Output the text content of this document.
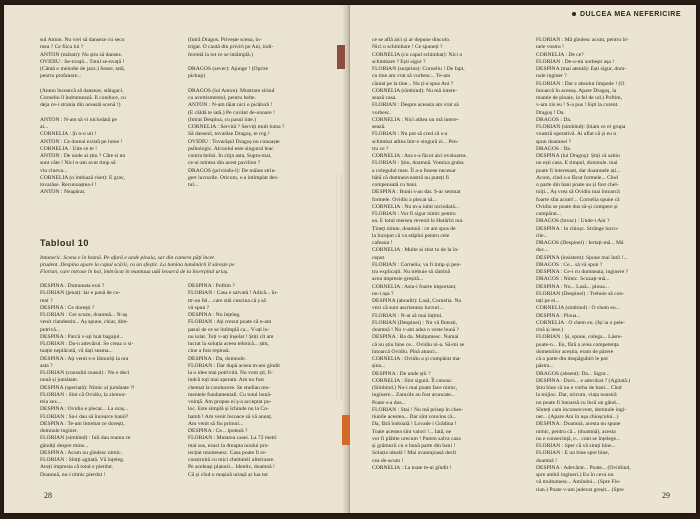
sul Anton. Nu vrei să danseze cu secu

mea ? Ce fiica lui ?

ANTON (mârait): Nu știu să dansez.

OVIDIU : Se-nvață... Totul se-nvață !

(Cântă o melodie de jazz.) Sesse, tată,

pentru profanare...

(Anton încearcă să danseze, stângaci.

Corneliu îl îndrumează. Il conduce, cu

deja ce-i strania din această scenă !)

ANTON : N-am să vi niciodată pe

ai...

CORNELIA : Și n-o uit !

ANTON : Ce doreai există pe lume !

CORNELIA : Uite ce te !

ANTON : De unde ai știu ? Câte si nu

sunt câte ! Nici n-am avut timp să

viu cineva...

CORNELIA (o imbiază riset): E grav,

tovarăse. Recunoaștea-l !

ANTON : Neapărat.

(Intră Dragos. Privește scena, in-

trigat. O caută din priviri pe Ani, indi-

ferentă la tot ce se intâmplă.)

DRAGOS (sever): Ajunge ! (Oprire

pickup)

DRAGOS (lui Anton): Mustrare sirind

cu avertismentul, pentru belte.

ANTON : N-am tăiat nici o picătură !

(E căldă te iată.) Pe cuvânt de-onoare !

(Intrat Despina, cu pasul iute.)

CORNELIA : Servită ? Serviți mult luma ?

Să dansezi, tovarăse Dragoș, te rog !

OVIDIU : Tovarășul Dragoș nu cunoaște

psihologic. Alcoolul este singurul leac

contra belisi. In citja asta, Supra-mai,

ce-ai mintea din acest pavilion ?

DRAGOS (privindu-l): De mâine striu-

gert lucrurile. Oricum, s-a intîmplat des-

tul...

Tabloul 10

Intuneric. Scena e în beznă. Pe afară e unde ploaia, sar din camera păți încet.

prudent. Despina apare la capul scării, cu un sfeștic. La lumina lumânării îl sărește pe

Florian, care intrase în hol, îmbrăcat în mantaua udă leoarcă de la încerpitul uriaș.

DESPINA : Dumneata erai ?

FLORIAN (jenat): Iar e pană de cu-

rent ?

DESPINA : Ce dorești ?

FLORIAN : Cer scuze, doamnă... N-aș

venit clandestin... Aș spune, chiar, dim-

potrivă...

DESPINA : Parcă v-ați luat bagajul...

FLORIAN : Da-n adevărul. Se creaz o si-

tuație neplăcută, vă dați seama...

DESPINA : Ați venit s-o lămuriți la ora

asta ?

FLORIAN (consultă ceasul) : Nu e deci

nouă și jumătate.

DESPINA (speriată): Nimic al jumătate ?!

FLORIAN : Sint că Ovidiu, la ziemor-

teia sex...

DESPINA : Ovidiu e plecat... La oraș...

FLORIAN : Sa-i dau să încearce banii?

DESPINA : Te-am întrebat ce dorești,

domnule inginer.

FLORIAN (simbind) : Iuli dau reama ce

gândiți despre mine...

DESPINA : Acum nu gîndesc nimic.

FLORIAN : Sîntți agitată. Vă înțeleg.

Aveți impresia că totul e pierdut.

Doamnă, nu-i nimic pierdut !

DESPINA : Poftim ?

FLORIAN : Casa e salvată ! Adică... în-

ttr-un fel... care stăi cuscina că ș să

vă spun ?

DESPINA : Nu înțeleg.

FLORIAN : Ați crezut poate că n-am

pasul de ce se întîmplă ca... V-ați lo-

nu iolat. Toți v-ați înșelat ! Știți cît am

lucrat la soluția aceea tehnică... ștm,

cine a fost repinsă.

DESPINA : Da, domnule.

FLORIAN : Dar după aceea m-am gîndit

la o idee mai potrivită. Nu vom ști, fi-

indcă toți mai speram. Am nu fost

chemat la conducere. Se studiau mo-

mentele fundamentali. Cu totul bună-

voință. Am propus ei ș-a acceptat po-

loc. Este simplă și îchinde nu la Co-

hamb ! Am venit încoace să vă anunț.

Am venit să fiu primul...

DESPINA : Ce... ipoteză ?

FLORIAN : Mutarea casei. La 72 metri

mai sus, exact la dreapta noului pro-

iecțiat muntenesc. Casa poate fi re-

construită cu mici cheltuieli ulterioare.

Pe aceleași planuri... Identic, doamnă !

Că și cînd o mașină uriașă ar lua tot

28
DULCEA MEA NEFERICIRE

ce se află aici și ar depune dincolo.

Nici o schimbare ! Ce spuneți ?

CORNELIA (cu capul schimbat): Nici o

schimbare ? Ești sigur ?

FLORIAN (surprins): Corneliu ! De fapt,

cu tine am vrut să vorbesc... Te-am

căutat pe la tine... Nu ți-a spus Ani ?

CORNELIA (sîmbind): Nu mă intere-

sează casa.

FLORIAN : Despre aceasta am vrut să

vorbesc.

CORNELIA : Nici atîtea nu mă intere-

sează.

FLORIAN : Nu pot să cred că s-a

schimbat atîtea într-o singură zi... Pen-

tru ce ?

CORNELIA : Asa s-a făcut aici evaluarea.

FLORIAN : Știu, doamnă. Vomica graba

a colegului meu. Îl a-a fusese necesar

bătă că dumneavoastră nu puteți fi

compensată cu bani.

DESPINA : Bunii s-au dat. S-ar semnat

formele. Ovidiu a plecat să...

CORNELIA : Nu m-a iubit niciodată...

FLORIAN : Vor fi sigur nimic pentru

ea. E totul merseu revenit la Hotărîri noi.

Țineți minte, doamnă : ce am spus de

la început că va stăpîni pentru cele

cafeaua !

CORNELIA : Multe ai stist tu de la în-

ceput.

FLORIAN : Corneliu, va fi timp și pen-

tru explicații. Nu trebuie să rămînă

acea impresie greșită...

CORNELIA : Asta-i foarte important,

nu-i așa ?

DESPINA (aboulit): Lasă, Cornelia. Nu

vezi că sunt ascrieneaz lucruri...

FLORIAN : N-ai să mai înțimi.

FLORIAN (Despinei) : Nu vă fîntrati,

doamnă ! Nu v-am adus o veste bună ?

DESPINA : Ba da. Mulțumesc. Numai

că nu știu bine ce... Ovidiu ni-a. Să-mi se

întoarcă Ovidiu. Pînă atunci...

CORNELIA : Ovidiu a și cumpărat ma-

șina...

DESPINA : De unde știi ?

CORNELIA : Sînt sigură. Îl cunosc.

(Simbind.) Nu-i mai poate face nimic,

inginere... Zarurile au fost aruncate...

Poate s-a dus...

FLORIAN : Stai ! Nu mă prisep în ches-

tiunile acestea... Dar sînt convins că...

Da, fără îndoială ! Lovade i Grădina !

Toate acestea sînt valori !... Iată, ne

vor fi plătite urecum ! Putem salva casa

și grămezii cu o bună parte din bani !

Soluția ideală ! Mai avantajoasă decît

cea de-acum !

CORNELIA : La toate te-ai gîndit !

FLORIAN : Mă gîndesc acum, pentru bi-

nele vostru !

CORNELIA : De ce?

FLORIAN : De-o-mi sorbești așa !

DESPINA (mai atentă): Ești sigur, dom-

nule inginer ?

FLORIAN : Dar e absolut limpede ! (O

întoarcă în aceeaș. Apare Dragoș, la

mantie de ploaie, la fel de ud.) Poftim,

v-am zis eu ! S-a pus ! Ești la curent.

Dragoș ! Da.

DRAGOS : Da.

FLORIAN (simbind): Știam ce el grupa

voastră operativă. Ai aflat că și eu n

spun doamnei ?

DRAGOS : Da.

DESPINA (lui Dragoș): Știți că sabiu

nu ești casa. E timpul, domnule. mai

poate fi interesant, dar doamnele ați...

Acum, cînd s-a făcut formele... Cînd

o parte din bani poate au și fost chel-

tuiți... Aș vrea să Ovidiu mai întoarcă

foarte sfat acum!... Cornelia spune că

Ovidiu se poate dus să-și cumpere și

cumpărat...

DRAGOS (brusc) : Unde-i Ani ?

DESPINA : In chioșc. Strânge lucru-

rile...

DRAGOS (Despinei) : Iertați-mă... Mă

duc...

DESPINA (insistent): Spune mai întîi !...

DRAGOS : Ce... să vă spun ?

DESPINA : Ce-i cu dumneata, inginere ?

DRAGOS : Nimic. Scuzați-mă...

DESPINA : Nu... Lasă... ploua...

FLORIAN (Despinei) : Trebuie să con-

tați pe ei...

CORNELIA (simbind) : O chem eu...

DESPINA : Ploua...

CORNELIA : O chem eu. (Iși ia o pele-

rină și iese.)

FLORIAN : Și, spune, colega... Lăsre-

poate-n... Eu, fără a avea competența

domeniilor aceștia, eram de părere

că o parte din despăgubiri le pot

păstra...

DRAGOS (absent): Da... Sigur...

DESPINA : Dovi... e adevărat ? (Agitată.)

Știu bine că nu e vorba de bani... Cînd

la mijloc. Dar, oricum, viața noastră

nu poate fi întoarsă cu încă un gând...

Sînteți cam inconsecvent, domnule ingi-

ner... (Apare Ani în ușa chioșcului...)

DESPINA : Doamnă, acesta nu spune

nimic, pentru că... (doamnă), acesta

nu e consecință, e... cum se înțelege...

FLORIAN : Sper că vă simți bine...

FLORIAN : E un bine spre bine,

doamnă !

DESPINA : Adevărat... Poate... (Ovidiind,

spre ambii ingineri.) Eu în ceva nu

vă multumesc... Amîndoi... (Spre Flo-

rian.) Poate v-am judecat greșit... (Spre

29
